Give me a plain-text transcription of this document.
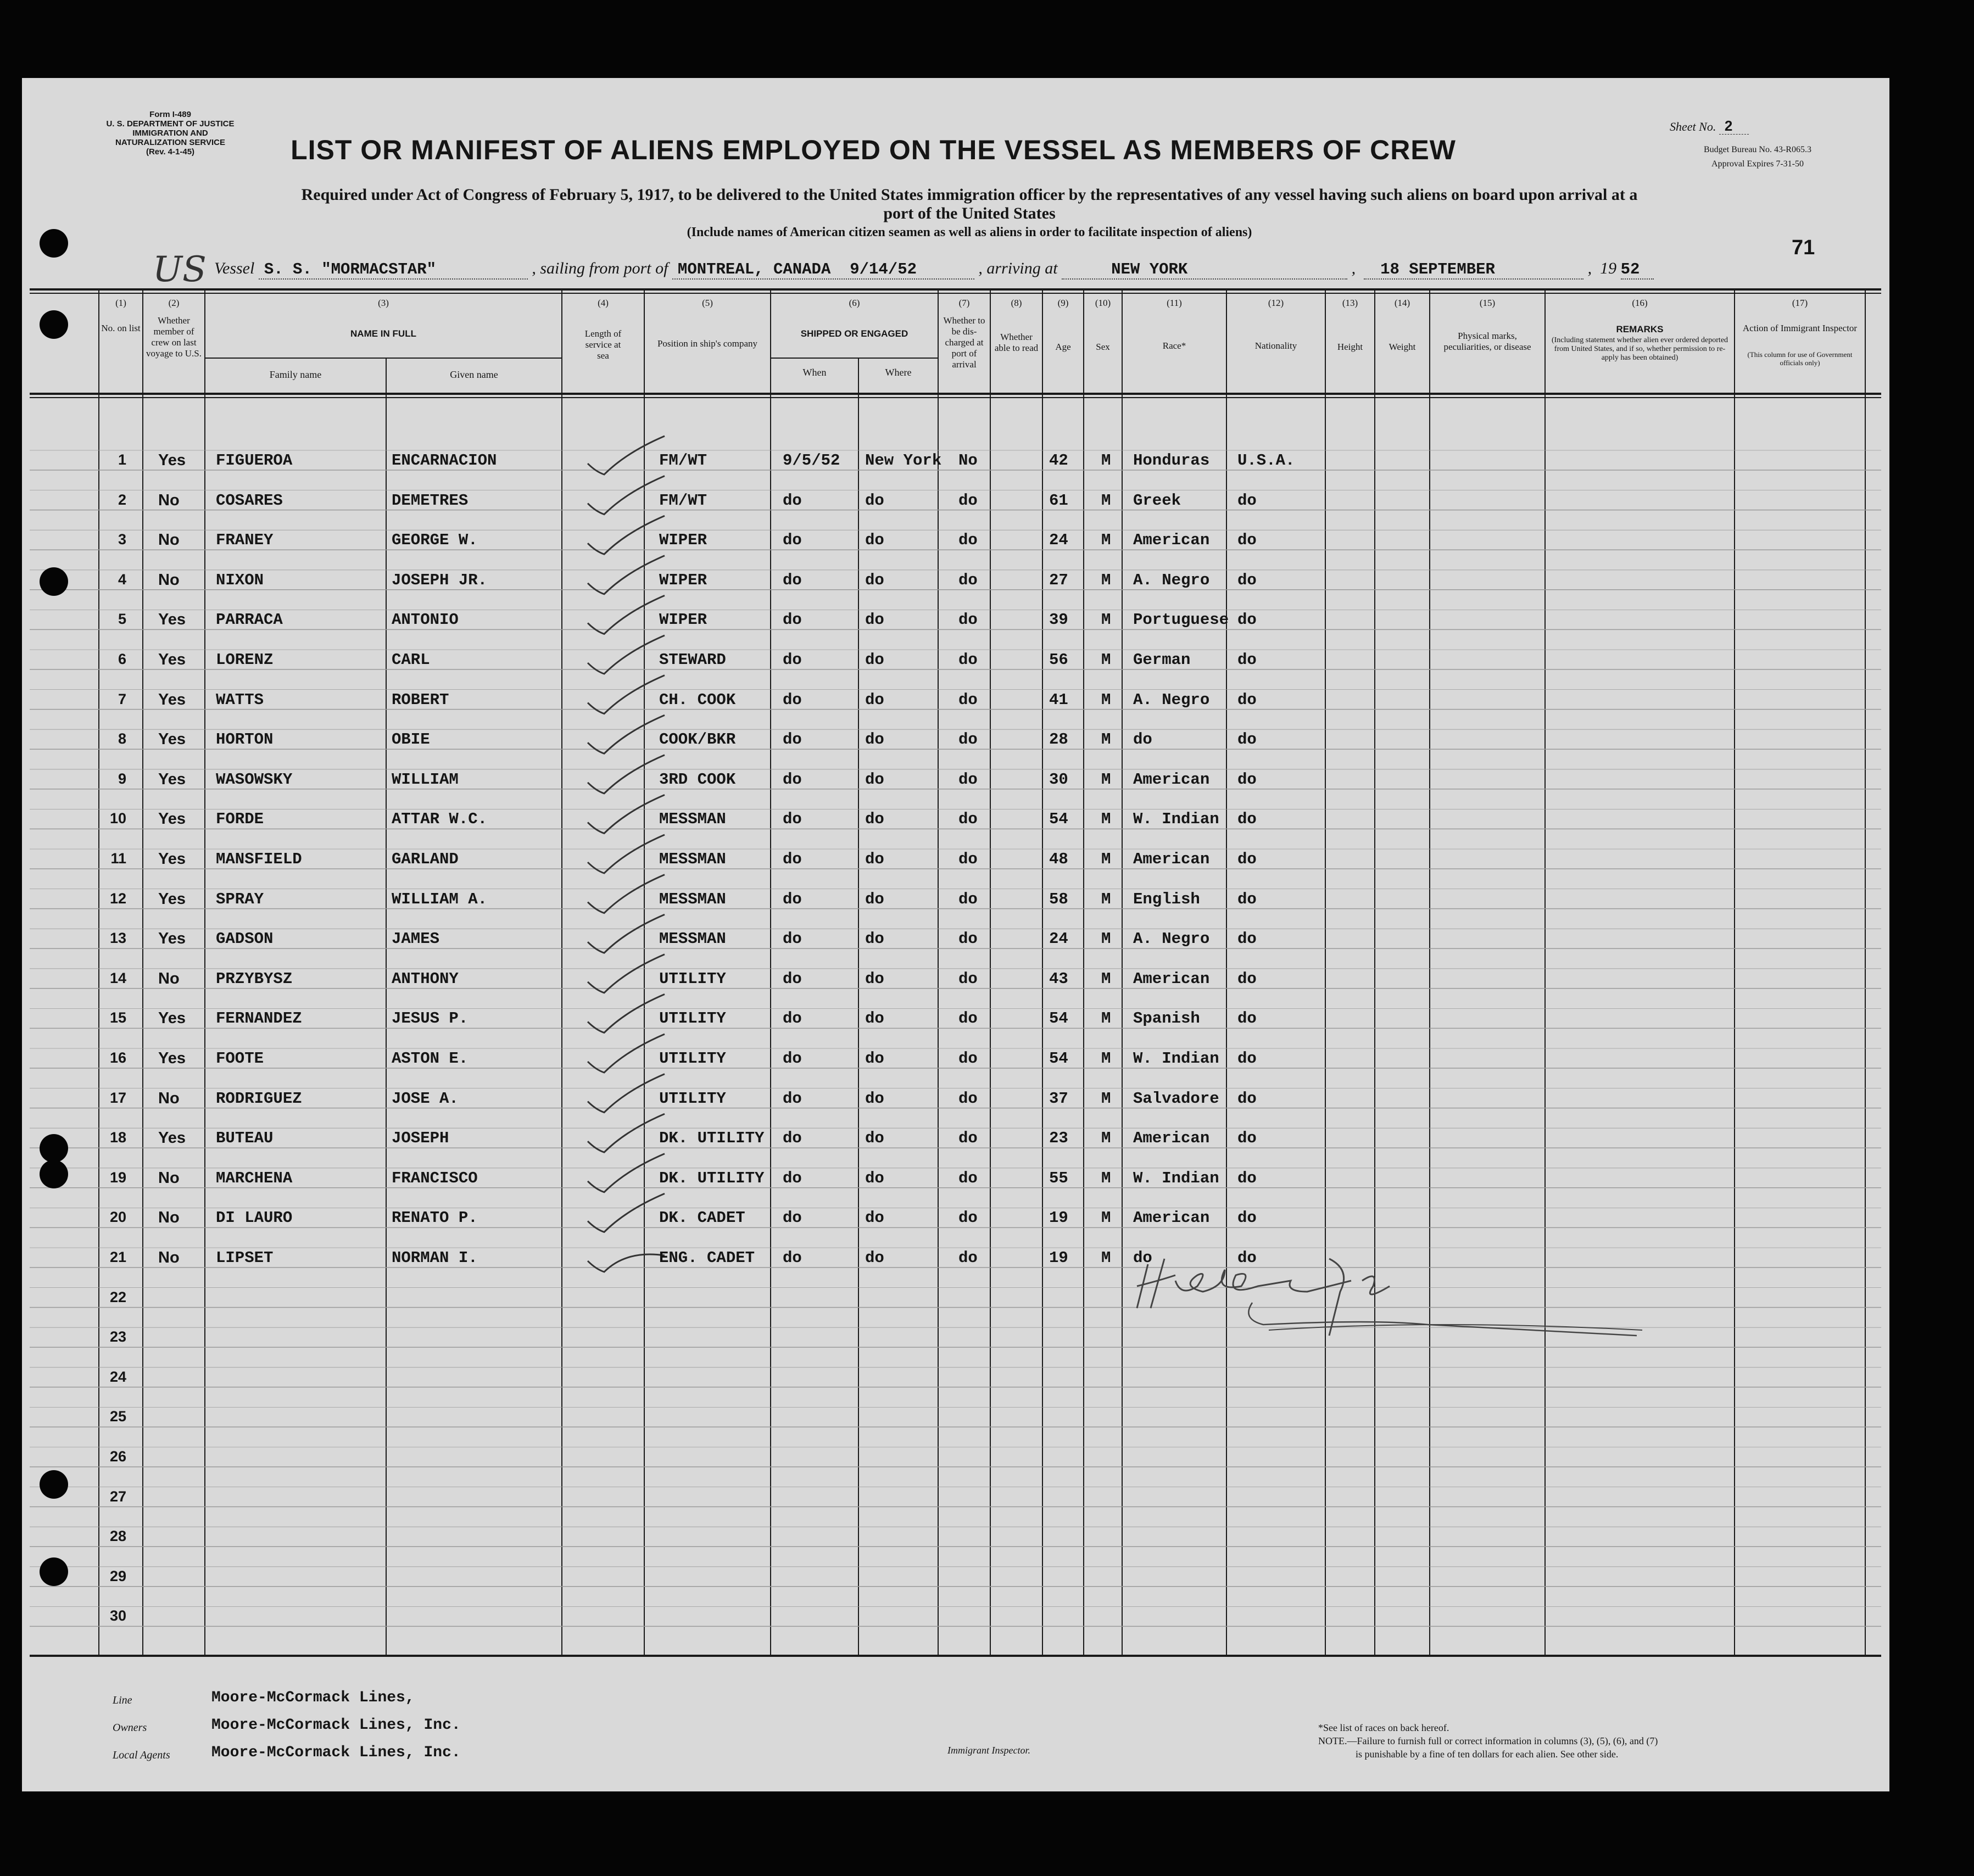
Form I-489
U. S. DEPARTMENT OF JUSTICE
IMMIGRATION AND NATURALIZATION SERVICE
(Rev. 4-1-45)
Sheet No. 2
Budget Bureau No. 43-R065.3
Approval Expires 7-31-50
LIST OR MANIFEST OF ALIENS EMPLOYED ON THE VESSEL AS MEMBERS OF CREW
Required under Act of Congress of February 5, 1917, to be delivered to the United States immigration officer by the representatives of any vessel having such aliens on board upon arrival at a
port of the United States
(Include names of American citizen seamen as well as aliens in order to facilitate inspection of aliens)
71
US Vessel S. S. "MORMACSTAR"	, sailing from port of MONTREAL, CANADA 9/14/52	, arriving at	NEW YORK	,  18 SEPTEMBER	,  19 52
(1)
No. on list
(2)
Whether member of crew on last voyage to U.S.
(3)
NAME IN FULL
Family name	Given name
(4)
Length of service at sea
(5)
Position in ship's company
(6)
SHIPPED OR ENGAGED
When	Where
(7)
Whether to be dis-charged at port of arrival
(8)
Whether able to read
(9)
Age
(10)
Sex
(11)
Race*
(12)
Nationality
(13)
Height
(14)
Weight
(15)
Physical marks, peculiarities, or disease
(16)
REMARKS
(Including statement whether alien ever ordered deported from United States, and if so, whether permission to re-apply has been obtained)
(17)
Action of Immigrant Inspector
(This column for use of Government officials only)
1 Yes FIGUEROA	ENCARNACION	FM/WT	9/5/52 New York No	42 M Honduras U.S.A.
2 No COSARES	DEMETRES	FM/WT	do	do	do	61 M Greek	do
3 No FRANEY	GEORGE W.	WIPER	do	do	do	24 M American do
4 No NIXON	JOSEPH JR.	WIPER	do	do	do	27 M A. Negro do
5 Yes PARRACA	ANTONIO	WIPER	do	do	do	39 M Portuguese do
6 Yes LORENZ	CARL	STEWARD	do	do	do	56 M German	do
7 Yes WATTS	ROBERT	CH. COOK	do	do	do	41 M A. Negro do
8 Yes HORTON	OBIE	COOK/BKR	do	do	do	28 M do	do
9 Yes WASOWSKY	WILLIAM	3RD COOK	do	do	do	30 M American do
10 Yes FORDE	ATTAR W.C.	MESSMAN	do	do	do	54 M W. Indian do
11 Yes MANSFIELD	GARLAND	MESSMAN	do	do	do	48 M American do
12 Yes SPRAY	WILLIAM A.	MESSMAN	do	do	do	58 M English do
13 Yes GADSON	JAMES	MESSMAN	do	do	do	24 M A. Negro do
14 No PRZYBYSZ	ANTHONY	UTILITY	do	do	do	43 M American do
15 Yes FERNANDEZ	JESUS P.	UTILITY	do	do	do	54 M Spanish do
16 Yes FOOTE	ASTON E.	UTILITY	do	do	do	54 M W. Indian do
17 No RODRIGUEZ	JOSE A.	UTILITY	do	do	do	37 M Salvadore do
18 Yes BUTEAU	JOSEPH	DK. UTILITY do	do	do	23 M American do
19 No MARCHENA	FRANCISCO	DK. UTILITY do	do	do	55 M W. Indian do
20 No DI LAURO	RENATO P.	DK. CADET do	do	do	19 M American do
21 No LIPSET	NORMAN I.	ENG. CADET do	do	do	19 M do	do
22
23
24
25
26
27
28
29
30
Line	Moore-McCormack Lines,
Owners	Moore-McCormack Lines, Inc.
Local Agents	Moore-McCormack Lines, Inc.	Immigrant Inspector.
*See list of races on back hereof.
NOTE.—Failure to furnish full or correct information in columns (3), (5), (6), and (7)
is punishable by a fine of ten dollars for each alien. See other side.
